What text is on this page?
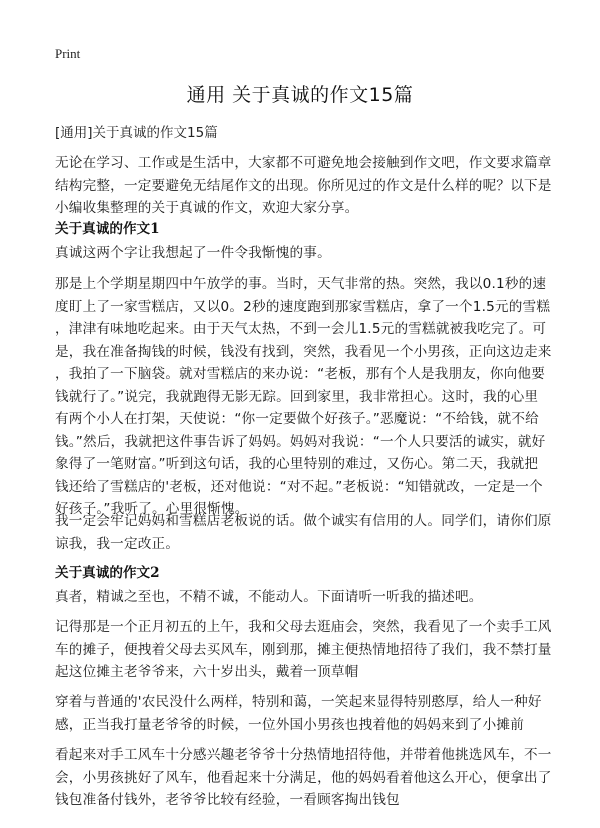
Print
通用 关于真诚的作文15篇
[通用]关于真诚的作文15篇
无论在学习、工作或是生活中，大家都不可避免地会接触到作文吧，作文要求篇章
结构完整，一定要避免无结尾作文的出现。你所见过的作文是什么样的呢？以下是
小编收集整理的关于真诚的作文，欢迎大家分享。
关于真诚的作文1
真诚这两个字让我想起了一件令我惭愧的事。
那是上个学期星期四中午放学的事。当时，天气非常的热。突然，我以0.1秒的速
度盯上了一家雪糕店，又以0。2秒的速度跑到那家雪糕店，拿了一个1.5元的雪糕
，津津有味地吃起来。由于天气太热，不到一会儿1.5元的雪糕就被我吃完了。可
是，我在准备掏钱的时候，钱没有找到，突然，我看见一个小男孩，正向这边走来
，我拍了一下脑袋。就对雪糕店的来办说：“老板，那有个人是我朋友，你向他要
钱就行了。”说完，我就跑得无影无踪。回到家里，我非常担心。这时，我的心里
有两个小人在打架，天使说：“你一定要做个好孩子。”恶魔说：“不给钱，就不给
钱。”然后，我就把这件事告诉了妈妈。妈妈对我说：“一个人只要活的诚实，就好
象得了一笔财富。”听到这句话，我的心里特别的难过，又伤心。第二天，我就把
钱还给了雪糕店的'老板，还对他说：“对不起。”老板说：“知错就改，一定是一个
好孩子。”我听了。心里很惭愧。
我一定会牢记妈妈和雪糕店老板说的话。做个诚实有信用的人。同学们，请你们原
谅我，我一定改正。
关于真诚的作文2
真者，精诚之至也，不精不诚，不能动人。下面请听一听我的描述吧。
记得那是一个正月初五的上午，我和父母去逛庙会，突然，我看见了一个卖手工风
车的摊子，便拽着父母去买风车，刚到那，摊主便热情地招待了我们，我不禁打量
起这位摊主老爷爷来，六十岁出头，戴着一顶草帽
穿着与普通的'农民没什么两样，特别和蔼，一笑起来显得特别憨厚，给人一种好
感，正当我打量老爷爷的时候，一位外国小男孩也拽着他的妈妈来到了小摊前
看起来对手工风车十分感兴趣老爷爷十分热情地招待他，并带着他挑选风车，不一
会，小男孩挑好了风车，他看起来十分满足，他的妈妈看着他这么开心，便拿出了
钱包准备付钱外，老爷爷比较有经验，一看顾客掏出钱包
